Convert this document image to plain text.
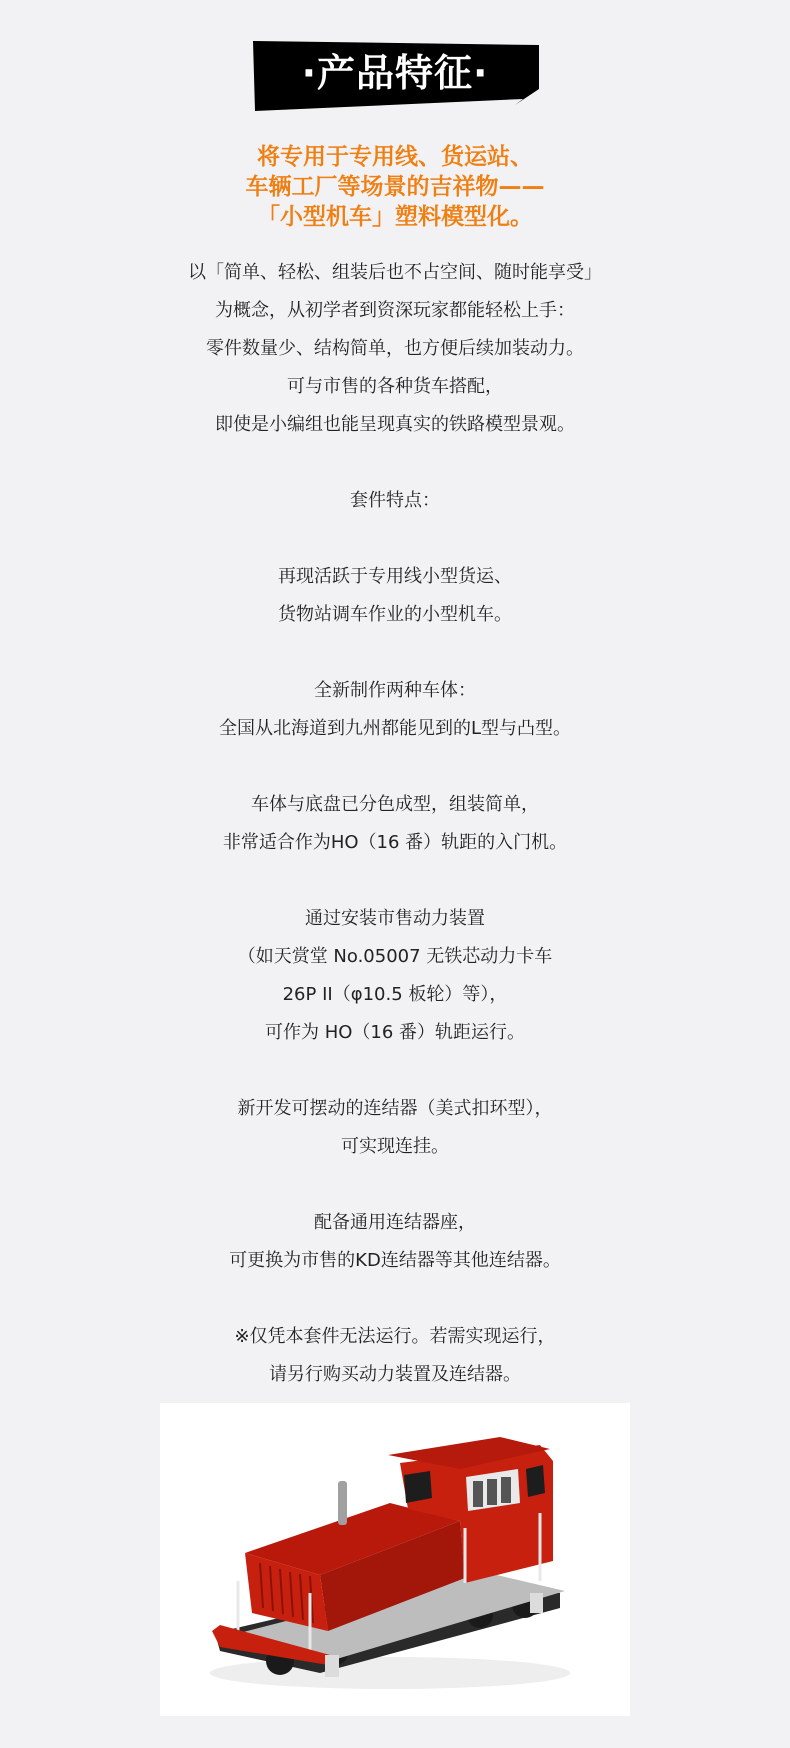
·产品特征·
将专用于专用线、货运站、
车辆工厂等场景的吉祥物——
「小型机车」塑料模型化。
以「简单、轻松、组装后也不占空间、随时能享受」
为概念，从初学者到资深玩家都能轻松上手：
零件数量少、结构简单，也方便后续加装动力。
可与市售的各种货车搭配，
即使是小编组也能呈现真实的铁路模型景观。
套件特点：
再现活跃于专用线小型货运、
货物站调车作业的小型机车。
全新制作两种车体：
全国从北海道到九州都能见到的L型与凸型。
车体与底盘已分色成型，组装简单，
非常适合作为HO（16 番）轨距的入门机。
通过安装市售动力装置
（如天赏堂 No.05007 无铁芯动力卡车
26P II（φ10.5 板轮）等），
可作为 HO（16 番）轨距运行。
新开发可摆动的连结器（美式扣环型），
可实现连挂。
配备通用连结器座，
可更换为市售的KD连结器等其他连结器。
※仅凭本套件无法运行。若需实现运行，
请另行购买动力装置及连结器。
